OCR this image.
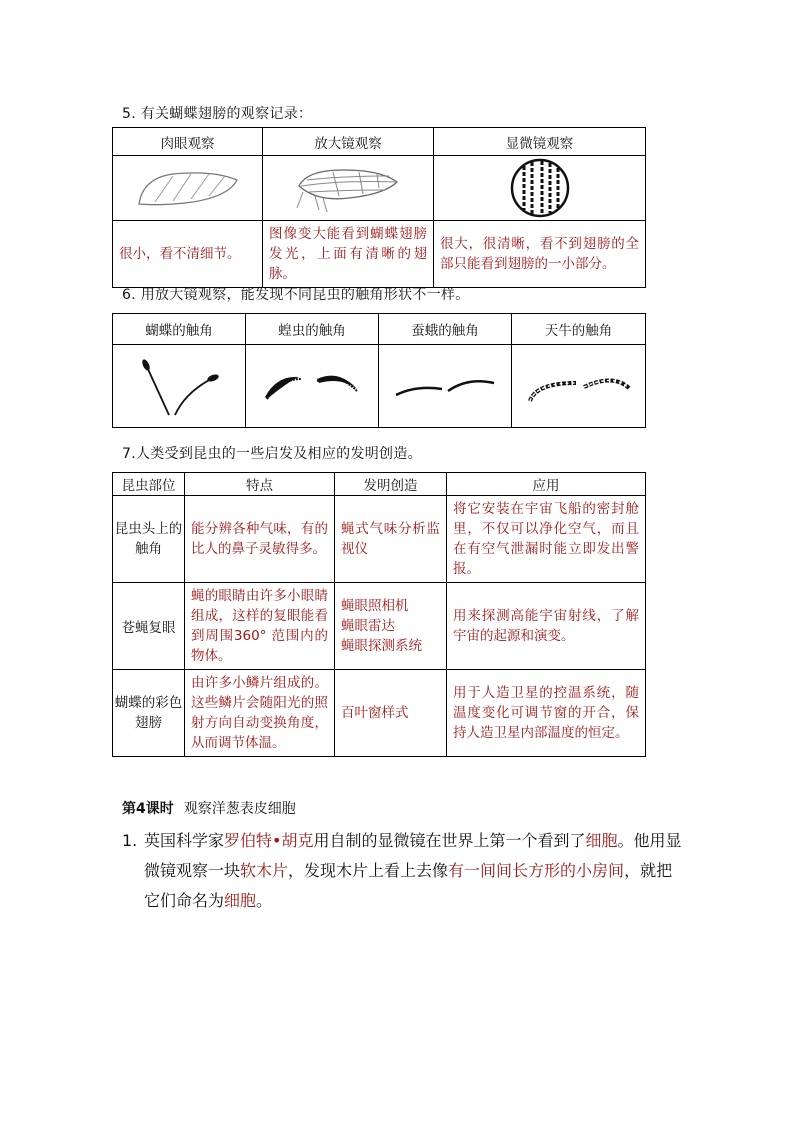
5. 有关蝴蝶翅膀的观察记录：
肉眼观察	放大镜观察	显微镜观察

很小，看不清细节。	图像变大能看到蝴蝶翅膀发光，上面有清晰的翅脉。	很大，很清晰，看不到翅膀的全部只能看到翅膀的一小部分。
6. 用放大镜观察，能发现不同昆虫的触角形状不一样。
蝴蝶的触角	蝗虫的触角	蚕蛾的触角	天牛的触角

7.人类受到昆虫的一些启发及相应的发明创造。
昆虫部位	特点	发明创造	应用
昆虫头上的触角	能分辨各种气味，有的比人的鼻子灵敏得多。	蝇式气味分析监视仪	将它安装在宇宙飞船的密封舱里，不仅可以净化空气，而且在有空气泄漏时能立即发出警报。
苍蝇复眼	蝇的眼睛由许多小眼睛组成，这样的复眼能看到周围360° 范围内的物体。	蝇眼照相机
蝇眼雷达
蝇眼探测系统	用来探测高能宇宙射线，了解宇宙的起源和演变。
蝴蝶的彩色翅膀	由许多小鳞片组成的。这些鳞片会随阳光的照射方向自动变换角度，从而调节体温。	百叶窗样式	用于人造卫星的控温系统，随温度变化可调节窗的开合，保持人造卫星内部温度的恒定。
第4课时 观察洋葱表皮细胞
1. 英国科学家罗伯特•胡克用自制的显微镜在世界上第一个看到了细胞。他用显微镜观察一块软木片，发现木片上看上去像有一间间长方形的小房间，就把它们命名为细胞。
